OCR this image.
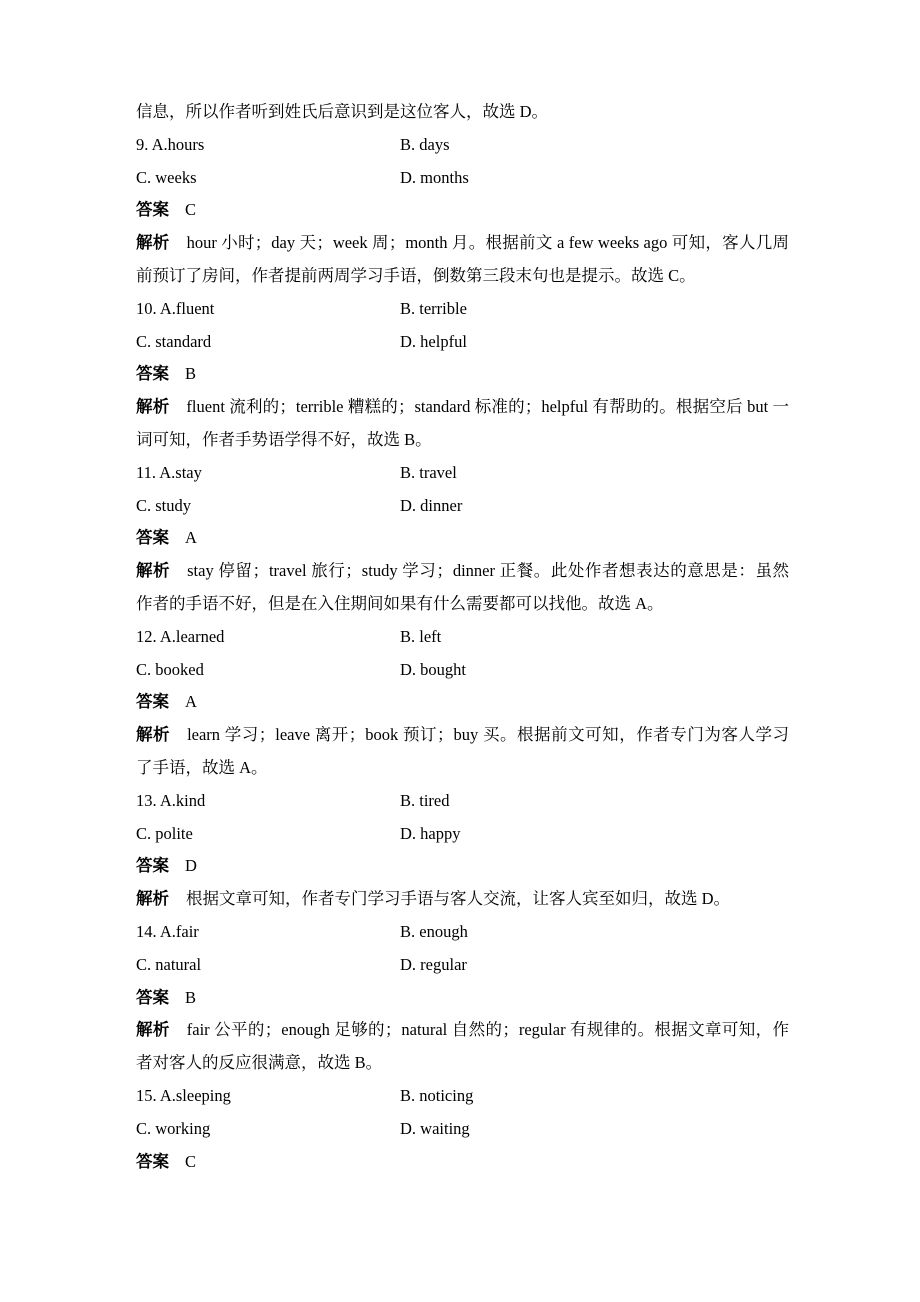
信息，所以作者听到姓氏后意识到是这位客人，故选 D。

9. A.hours	B. days
C. weeks	D. months
答案 C

解析 hour 小时；day 天；week 周；month 月。根据前文 a few weeks ago 可知，客人几周前预订了房间，作者提前两周学习手语，倒数第三段末句也是提示。故选 C。

10. A.fluent	B. terrible
C. standard	D. helpful
答案 B

解析 fluent 流利的；terrible 糟糕的；standard 标准的；helpful 有帮助的。根据空后 but 一词可知，作者手势语学得不好，故选 B。

11. A.stay	B. travel
C. study	D. dinner
答案 A

解析 stay 停留；travel 旅行；study 学习；dinner 正餐。此处作者想表达的意思是：虽然作者的手语不好，但是在入住期间如果有什么需要都可以找他。故选 A。

12. A.learned	B. left
C. booked	D. bought
答案 A

解析 learn 学习；leave 离开；book 预订；buy 买。根据前文可知，作者专门为客人学习了手语，故选 A。

13. A.kind	B. tired
C. polite	D. happy
答案 D

解析 根据文章可知，作者专门学习手语与客人交流，让客人宾至如归，故选 D。

14. A.fair	B. enough
C. natural	D. regular
答案 B

解析 fair 公平的；enough 足够的；natural 自然的；regular 有规律的。根据文章可知，作者对客人的反应很满意，故选 B。

15. A.sleeping	B. noticing
C. working	D. waiting
答案 C
